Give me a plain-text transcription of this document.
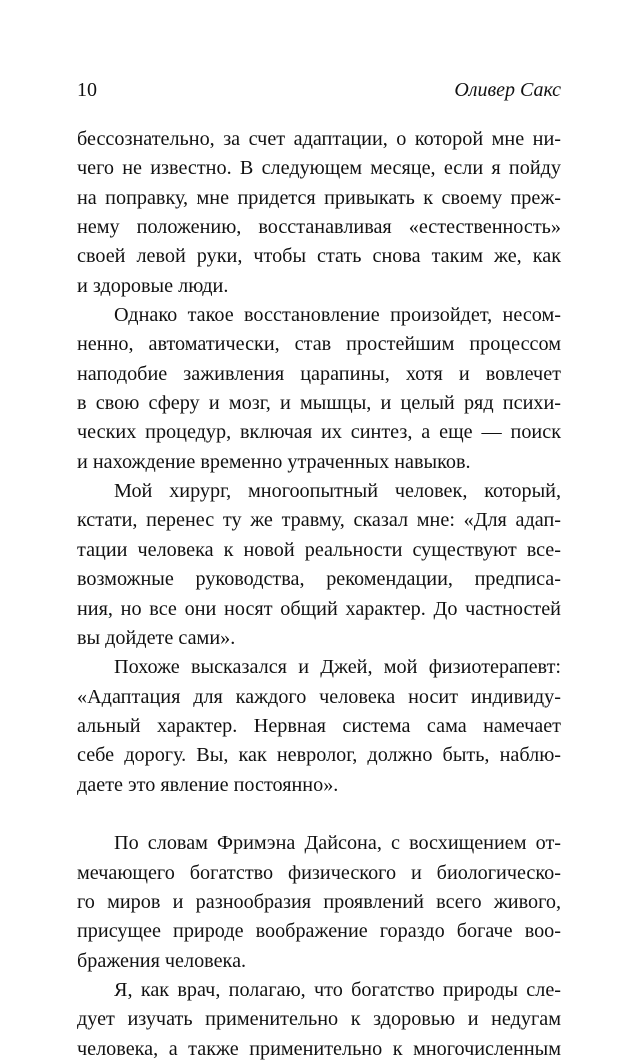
10	Оливер Сакс
бессознательно, за счет адаптации, о которой мне ни-
чего не известно. В следующем месяце, если я пойду
на поправку, мне придется привыкать к своему преж-
нему положению, восстанавливая «естественность»
своей левой руки, чтобы стать снова таким же, как
и здоровые люди.
Однако такое восстановление произойдет, несом-
ненно, автоматически, став простейшим процессом
наподобие заживления царапины, хотя и вовлечет
в свою сферу и мозг, и мышцы, и целый ряд психи-
ческих процедур, включая их синтез, а еще — поиск
и нахождение временно утраченных навыков.
Мой хирург, многоопытный человек, который,
кстати, перенес ту же травму, сказал мне: «Для адап-
тации человека к новой реальности существуют все-
возможные руководства, рекомендации, предписа-
ния, но все они носят общий характер. До частностей
вы дойдете сами».
Похоже высказался и Джей, мой физиотерапевт:
«Адаптация для каждого человека носит индивиду-
альный характер. Нервная система сама намечает
себе дорогу. Вы, как невролог, должно быть, наблю-
даете это явление постоянно».
По словам Фримэна Дайсона, с восхищением от-
мечающего богатство физического и биологическо-
го миров и разнообразия проявлений всего живого,
присущее природе воображение гораздо богаче воо-
бражения человека.
Я, как врач, полагаю, что богатство природы сле-
дует изучать применительно к здоровью и недугам
человека, а также применительно к многочисленным
